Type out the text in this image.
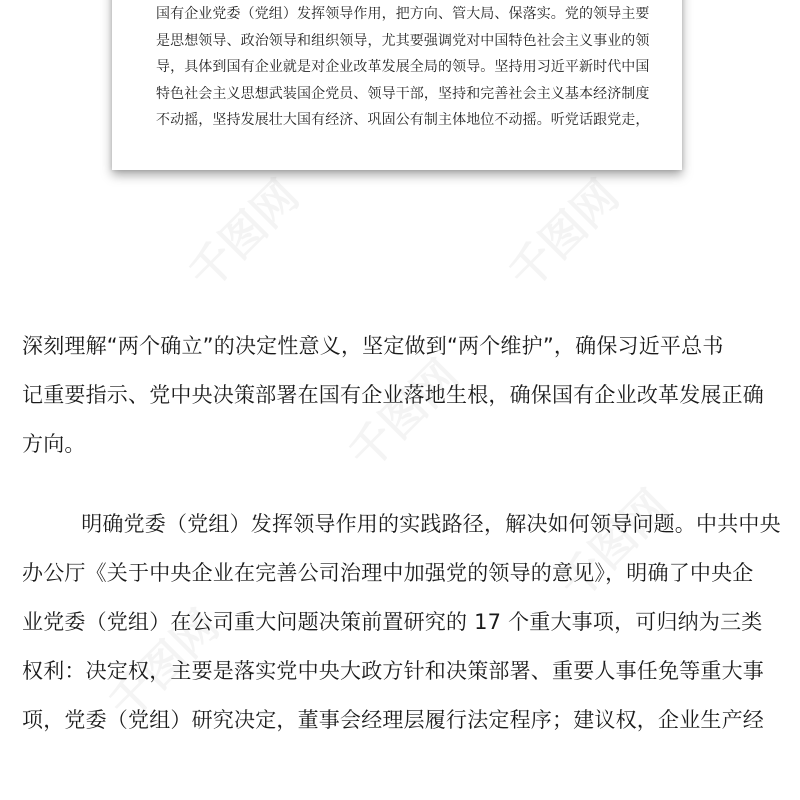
千图网	千图网
千图网
千图网
千图网
国有企业党委（党组）发挥领导作用，把方向、管大局、保落实。党的领导主要
是思想领导、政治领导和组织领导，尤其要强调党对中国特色社会主义事业的领
导，具体到国有企业就是对企业改革发展全局的领导。坚持用习近平新时代中国
特色社会主义思想武装国企党员、领导干部，坚持和完善社会主义基本经济制度
不动摇，坚持发展壮大国有经济、巩固公有制主体地位不动摇。听党话跟党走，
深刻理解“两个确立”的决定性意义，坚定做到“两个维护”，确保习近平总书
记重要指示、党中央决策部署在国有企业落地生根，确保国有企业改革发展正确
方向。
　明确党委（党组）发挥领导作用的实践路径，解决如何领导问题。中共中央
办公厅《关于中央企业在完善公司治理中加强党的领导的意见》，明确了中央企
业党委（党组）在公司重大问题决策前置研究的 17 个重大事项，可归纳为三类
权利：决定权，主要是落实党中央大政方针和决策部署、重要人事任免等重大事
项，党委（党组）研究决定，董事会经理层履行法定程序；建议权，企业生产经
